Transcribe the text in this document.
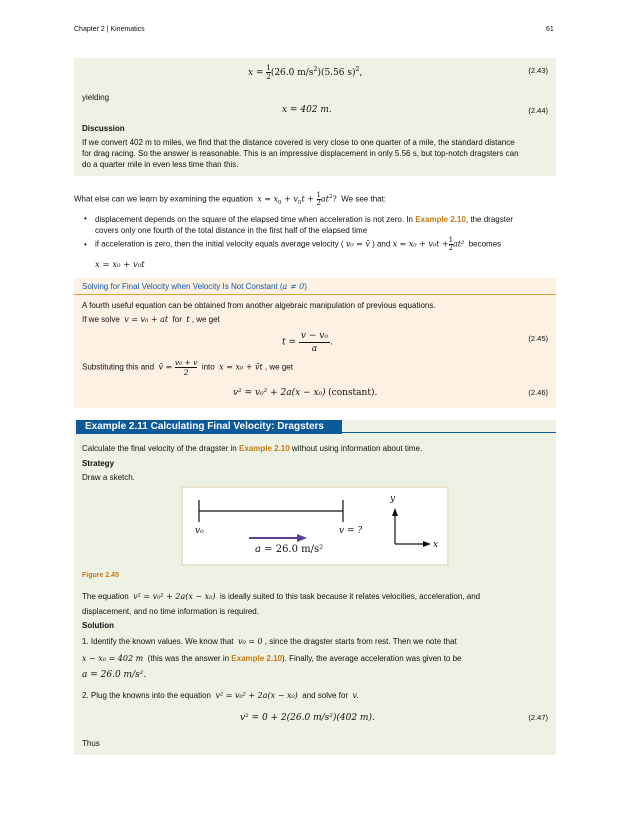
Chapter 2 | Kinematics	61
$x = \frac{1}{2} (26.0$ $m/s^2)(5.56$ s)$^2$,	(2.43)
yielding
x = 402 m.	(2.44)
Discussion
If we convert 402 m to miles, we find that the distance covered is very close to one quarter of a mile, the standard distance
for drag racing. So the answer is reasonable. This is an impressive displacement in only 5.56 s, but top-notch dragsters can
do a quarter mile in even less time than this.
What else can we learn by examining the equation $x = x_0 + v_0t + \frac{1}{2} at^2$? We see that:
• displacement depends on the square of the elapsed time when acceleration is not zero. In Example 2.10, the dragster
covers only one fourth of the total distance in the first half of the elapsed time
• if acceleration is zero, then the initial velocity equals average velocity ( v₀ = v̄ ) and $x = x_0 + v_0t + \frac{1}{2} at^2$ becomes
x = x₀ + v₀t
Solving for Final Velocity when Velocity Is Not Constant (a ≠ 0)
A fourth useful equation can be obtained from another algebraic manipulation of previous equations.
If we solve v = v₀ + at for t , we get
$t = \frac{\text{v − v₀}}{a}$ .	(2.45)
Substituting this and v̄ = $\frac{\text{v₀ + v}}{2}$ into x = x₀ + v̄t , we get
v² = v₀² + 2a(x − x₀) (constant).	(2.46)
Example 2.11 Calculating Final Velocity: Dragsters
Calculate the final velocity of the dragster in Example 2.10 without using information about time.
Strategy
Draw a sketch.
v₀	v = ?
a = 26.0 m/s²
y
x
Figure 2.45
The equation v² = v₀² + 2a(x − x₀) is ideally suited to this task because it relates velocities, acceleration, and
displacement, and no time information is required.
Solution
1. Identify the known values. We know that v₀ = 0 , since the dragster starts from rest. Then we note that
x − x₀ = 402 m (this was the answer in Example 2.10). Finally, the average acceleration was given to be
a = 26.0 m/s².
2. Plug the knowns into the equation v² = v₀² + 2a(x − x₀) and solve for v.
v² = 0 + 2(26.0 m/s²)(402 m).	(2.47)
Thus
